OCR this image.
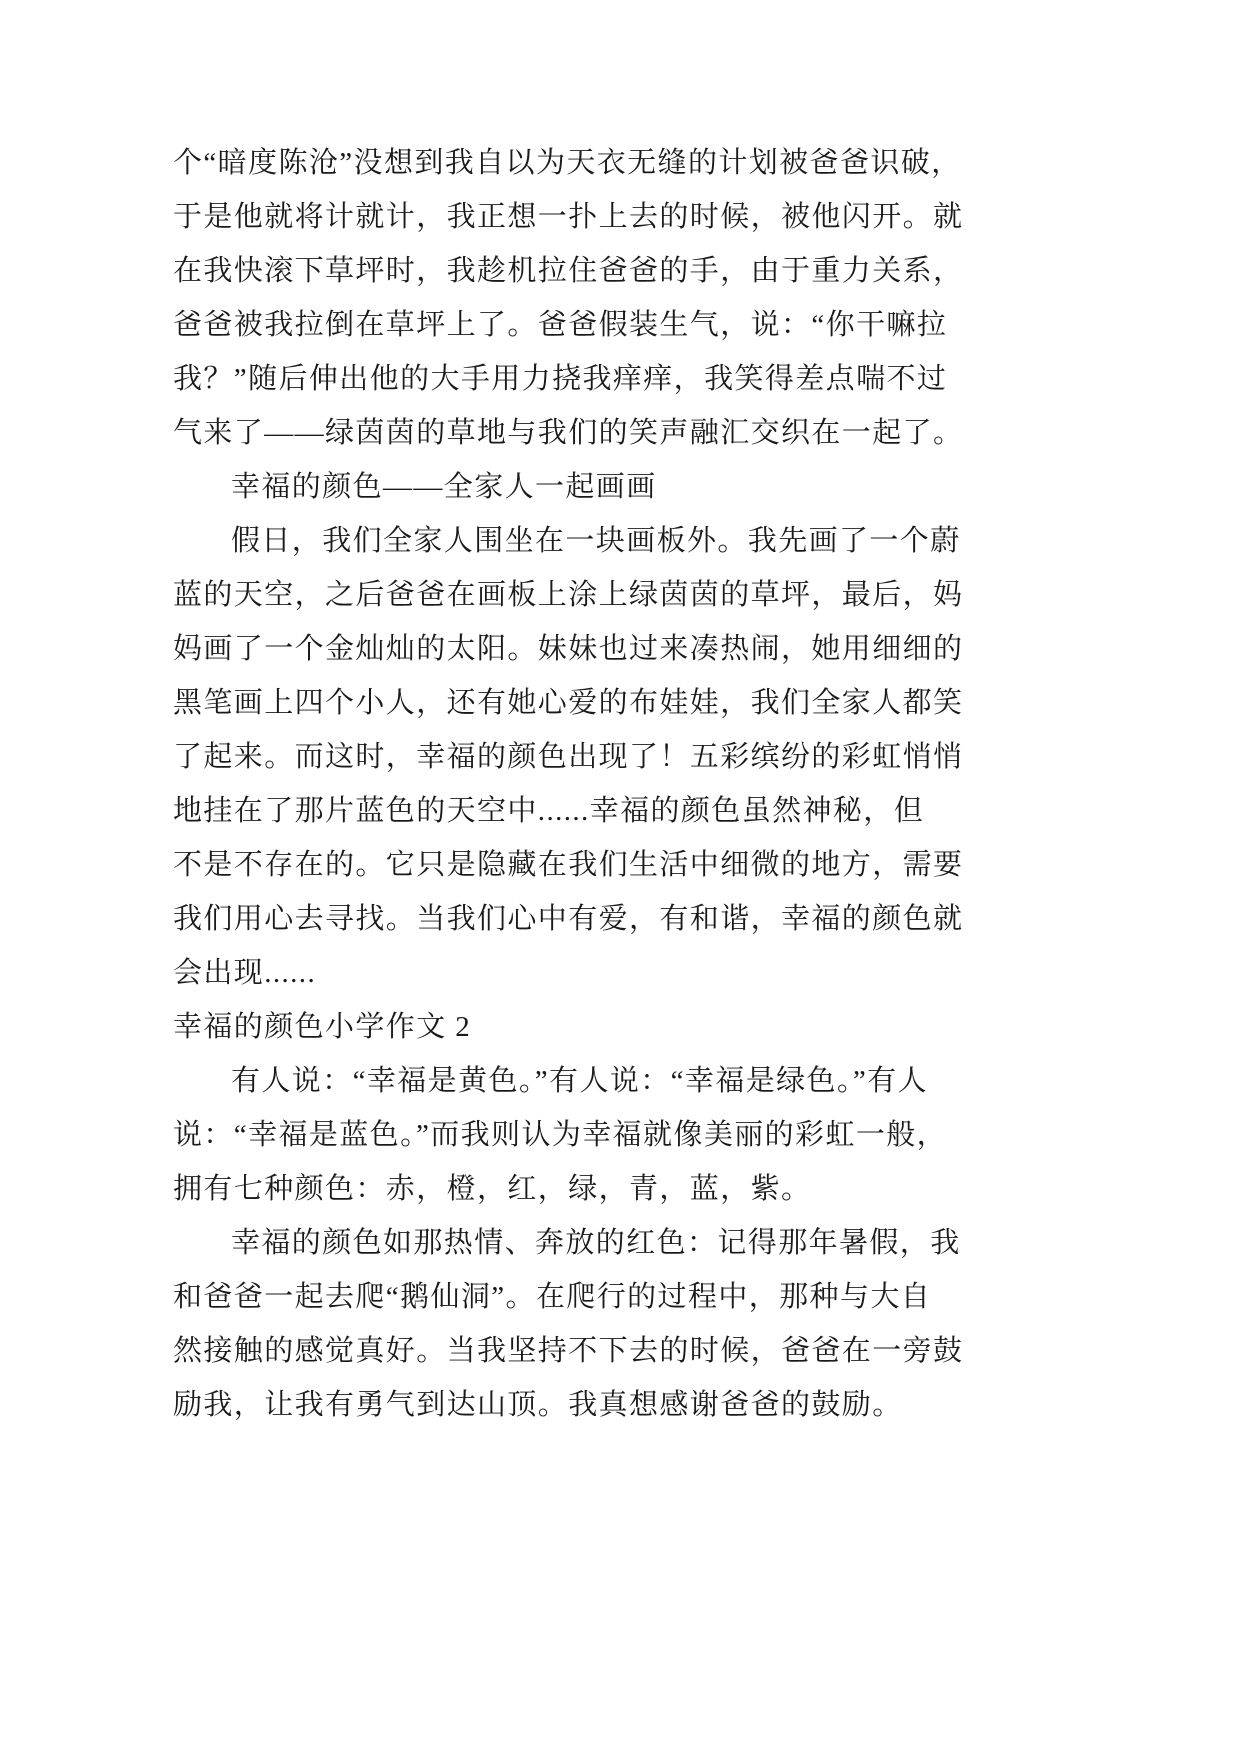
个“暗度陈沧”没想到我自以为天衣无缝的计划被爸爸识破，
于是他就将计就计，我正想一扑上去的时候，被他闪开。就
在我快滚下草坪时，我趁机拉住爸爸的手，由于重力关系，
爸爸被我拉倒在草坪上了。爸爸假装生气，说：“你干嘛拉
我？”随后伸出他的大手用力挠我痒痒，我笑得差点喘不过
气来了——绿茵茵的草地与我们的笑声融汇交织在一起了。
幸福的颜色——全家人一起画画
假日，我们全家人围坐在一块画板外。我先画了一个蔚
蓝的天空，之后爸爸在画板上涂上绿茵茵的草坪，最后，妈
妈画了一个金灿灿的太阳。妹妹也过来凑热闹，她用细细的
黑笔画上四个小人，还有她心爱的布娃娃，我们全家人都笑
了起来。而这时，幸福的颜色出现了！五彩缤纷的彩虹悄悄
地挂在了那片蓝色的天空中......幸福的颜色虽然神秘，但
不是不存在的。它只是隐藏在我们生活中细微的地方，需要
我们用心去寻找。当我们心中有爱，有和谐，幸福的颜色就
会出现......
幸福的颜色小学作文 2
有人说：“幸福是黄色。”有人说：“幸福是绿色。”有人
说：“幸福是蓝色。”而我则认为幸福就像美丽的彩虹一般，
拥有七种颜色：赤，橙，红，绿，青，蓝，紫。
幸福的颜色如那热情、奔放的红色：记得那年暑假，我
和爸爸一起去爬“鹅仙洞”。在爬行的过程中，那种与大自
然接触的感觉真好。当我坚持不下去的时候，爸爸在一旁鼓
励我，让我有勇气到达山顶。我真想感谢爸爸的鼓励。
